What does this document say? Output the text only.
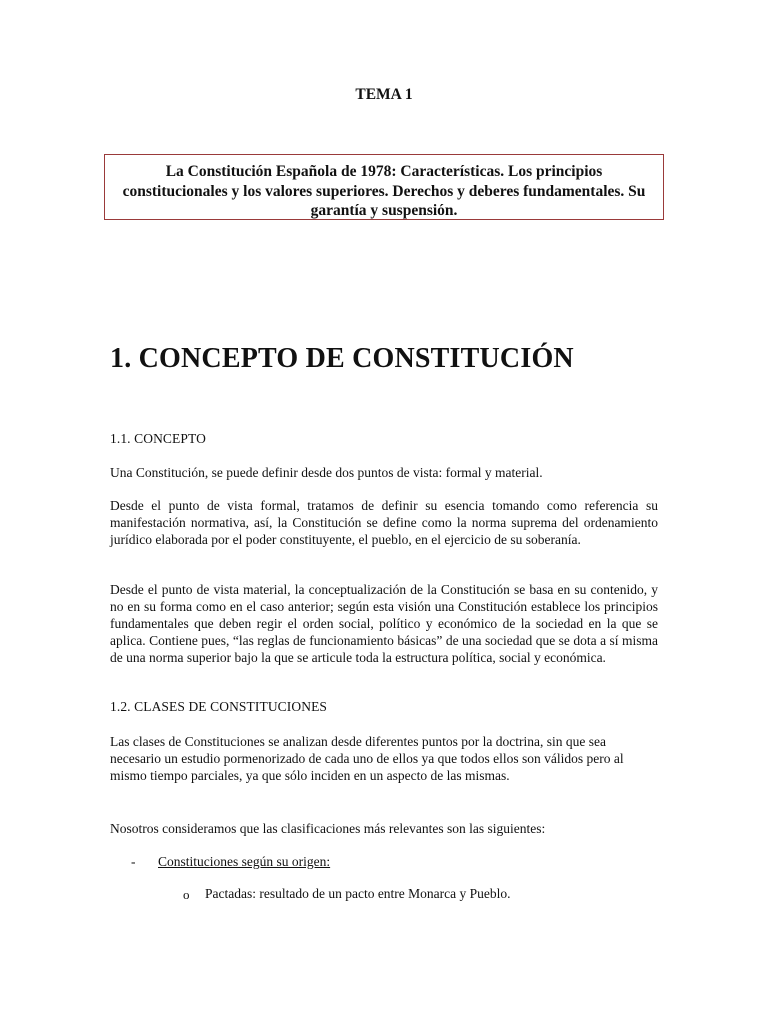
TEMA 1
La Constitución Española de 1978: Características. Los principios constitucionales y los valores superiores. Derechos y deberes fundamentales. Su garantía y suspensión.
1. CONCEPTO DE CONSTITUCIÓN
1.1. CONCEPTO
Una Constitución, se puede definir desde dos puntos de vista: formal y material.
Desde el punto de vista formal, tratamos de definir su esencia tomando como referencia su manifestación normativa, así, la Constitución se define como la norma suprema del ordenamiento jurídico elaborada por el poder constituyente, el pueblo, en el ejercicio de su soberanía.
Desde el punto de vista material, la conceptualización de la Constitución se basa en su contenido, y no en su forma como en el caso anterior; según esta visión una Constitución establece los principios fundamentales que deben regir el orden social, político y económico de la sociedad en la que se aplica. Contiene pues, “las reglas de funcionamiento básicas” de una sociedad que se dota a sí misma de una norma superior bajo la que se articule toda la estructura política, social y económica.
1.2. CLASES DE CONSTITUCIONES
Las clases de Constituciones se analizan desde diferentes puntos por la doctrina, sin que sea necesario un estudio pormenorizado de cada uno de ellos ya que todos ellos son válidos pero al mismo tiempo parciales, ya que sólo inciden en un aspecto de las mismas.
Nosotros consideramos que las clasificaciones más relevantes son las siguientes:
- Constituciones según su origen:
o Pactadas: resultado de un pacto entre Monarca y Pueblo.
